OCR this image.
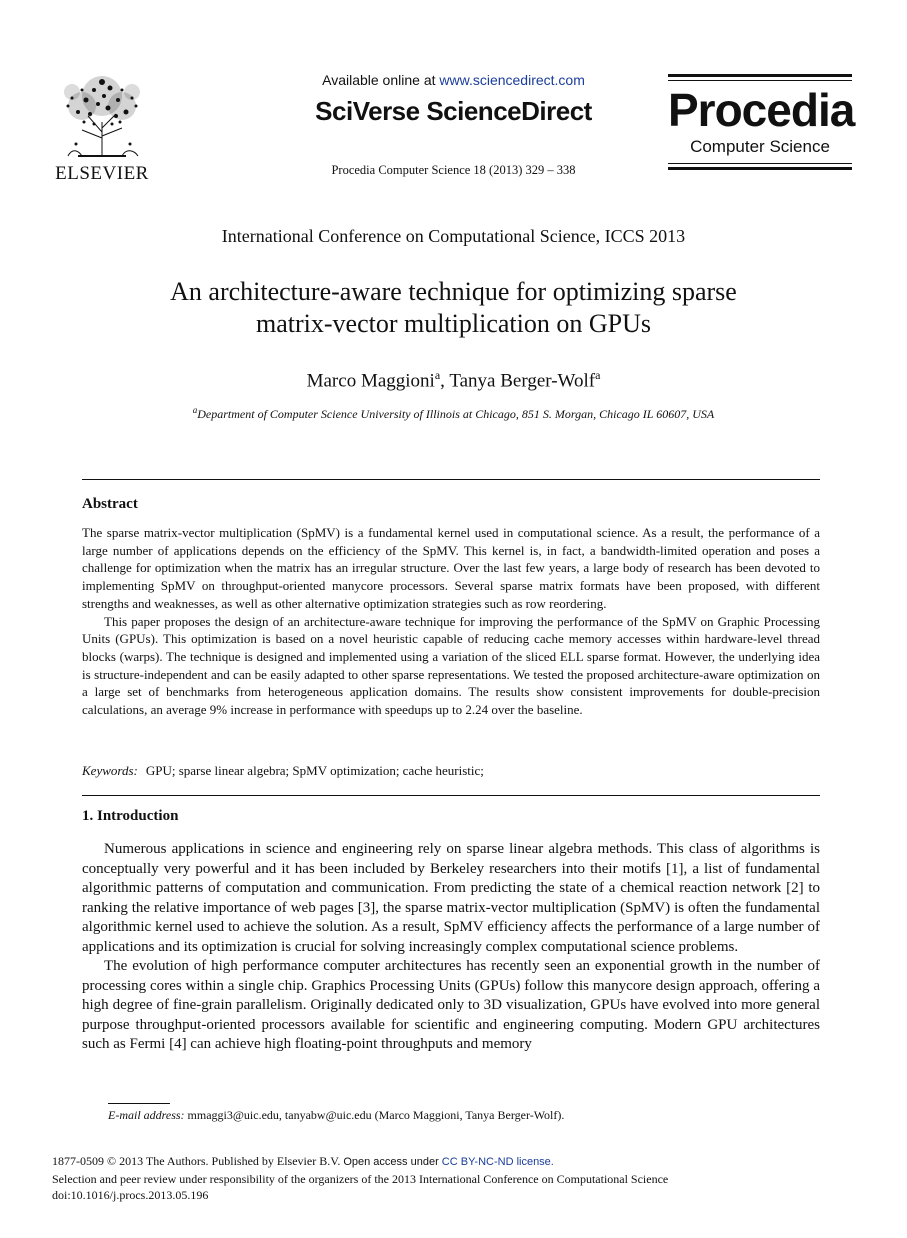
ELSEVIER
Available online at www.sciencedirect.com
SciVerse ScienceDirect
Procedia Computer Science 18 (2013) 329 – 338
Procedia
Computer Science
International Conference on Computational Science, ICCS 2013
An architecture-aware technique for optimizing sparse
matrix-vector multiplication on GPUs
Marco Maggioni$^a$, Tanya Berger-Wolf$^a$
$^a$Department of Computer Science University of Illinois at Chicago, 851 S. Morgan, Chicago IL 60607, USA
Abstract

The sparse matrix-vector multiplication (SpMV) is a fundamental kernel used in computational science. As a result, the performance of a large number of applications depends on the efficiency of the SpMV. This kernel is, in fact, a bandwidth-limited operation and poses a challenge for optimization when the matrix has an irregular structure. Over the last few years, a large body of research has been devoted to implementing SpMV on throughput-oriented manycore processors. Several sparse matrix formats have been proposed, with different strengths and weaknesses, as well as other alternative optimization strategies such as row reordering.

This paper proposes the design of an architecture-aware technique for improving the performance of the SpMV on Graphic Processing Units (GPUs). This optimization is based on a novel heuristic capable of reducing cache memory accesses within hardware-level thread blocks (warps). The technique is designed and implemented using a variation of the sliced ELL sparse format. However, the underlying idea is structure-independent and can be easily adapted to other sparse representations. We tested the proposed architecture-aware optimization on a large set of benchmarks from heterogeneous application domains. The results show consistent improvements for double-precision calculations, an average 9% increase in performance with speedups up to 2.24 over the baseline.

Keywords: GPU; sparse linear algebra; SpMV optimization; cache heuristic;
1. Introduction

Numerous applications in science and engineering rely on sparse linear algebra methods. This class of algorithms is conceptually very powerful and it has been included by Berkeley researchers into their motifs [1], a list of fundamental algorithmic patterns of computation and communication. From predicting the state of a chemical reaction network [2] to ranking the relative importance of web pages [3], the sparse matrix-vector multiplication (SpMV) is often the fundamental algorithmic kernel used to achieve the solution. As a result, SpMV efficiency affects the performance of a large number of applications and its optimization is crucial for solving increasingly complex computational science problems.

The evolution of high performance computer architectures has recently seen an exponential growth in the number of processing cores within a single chip. Graphics Processing Units (GPUs) follow this manycore design approach, offering a high degree of fine-grain parallelism. Originally dedicated only to 3D visualization, GPUs have evolved into more general purpose throughput-oriented processors available for scientific and engineering computing. Modern GPU architectures such as Fermi [4] can achieve high floating-point throughputs and memory

E-mail address: mmaggi3@uic.edu, tanyabw@uic.edu (Marco Maggioni, Tanya Berger-Wolf).
1877-0509 © 2013 The Authors. Published by Elsevier B.V. Open access under CC BY-NC-ND license.
Selection and peer review under responsibility of the organizers of the 2013 International Conference on Computational Science
doi:10.1016/j.procs.2013.05.196
